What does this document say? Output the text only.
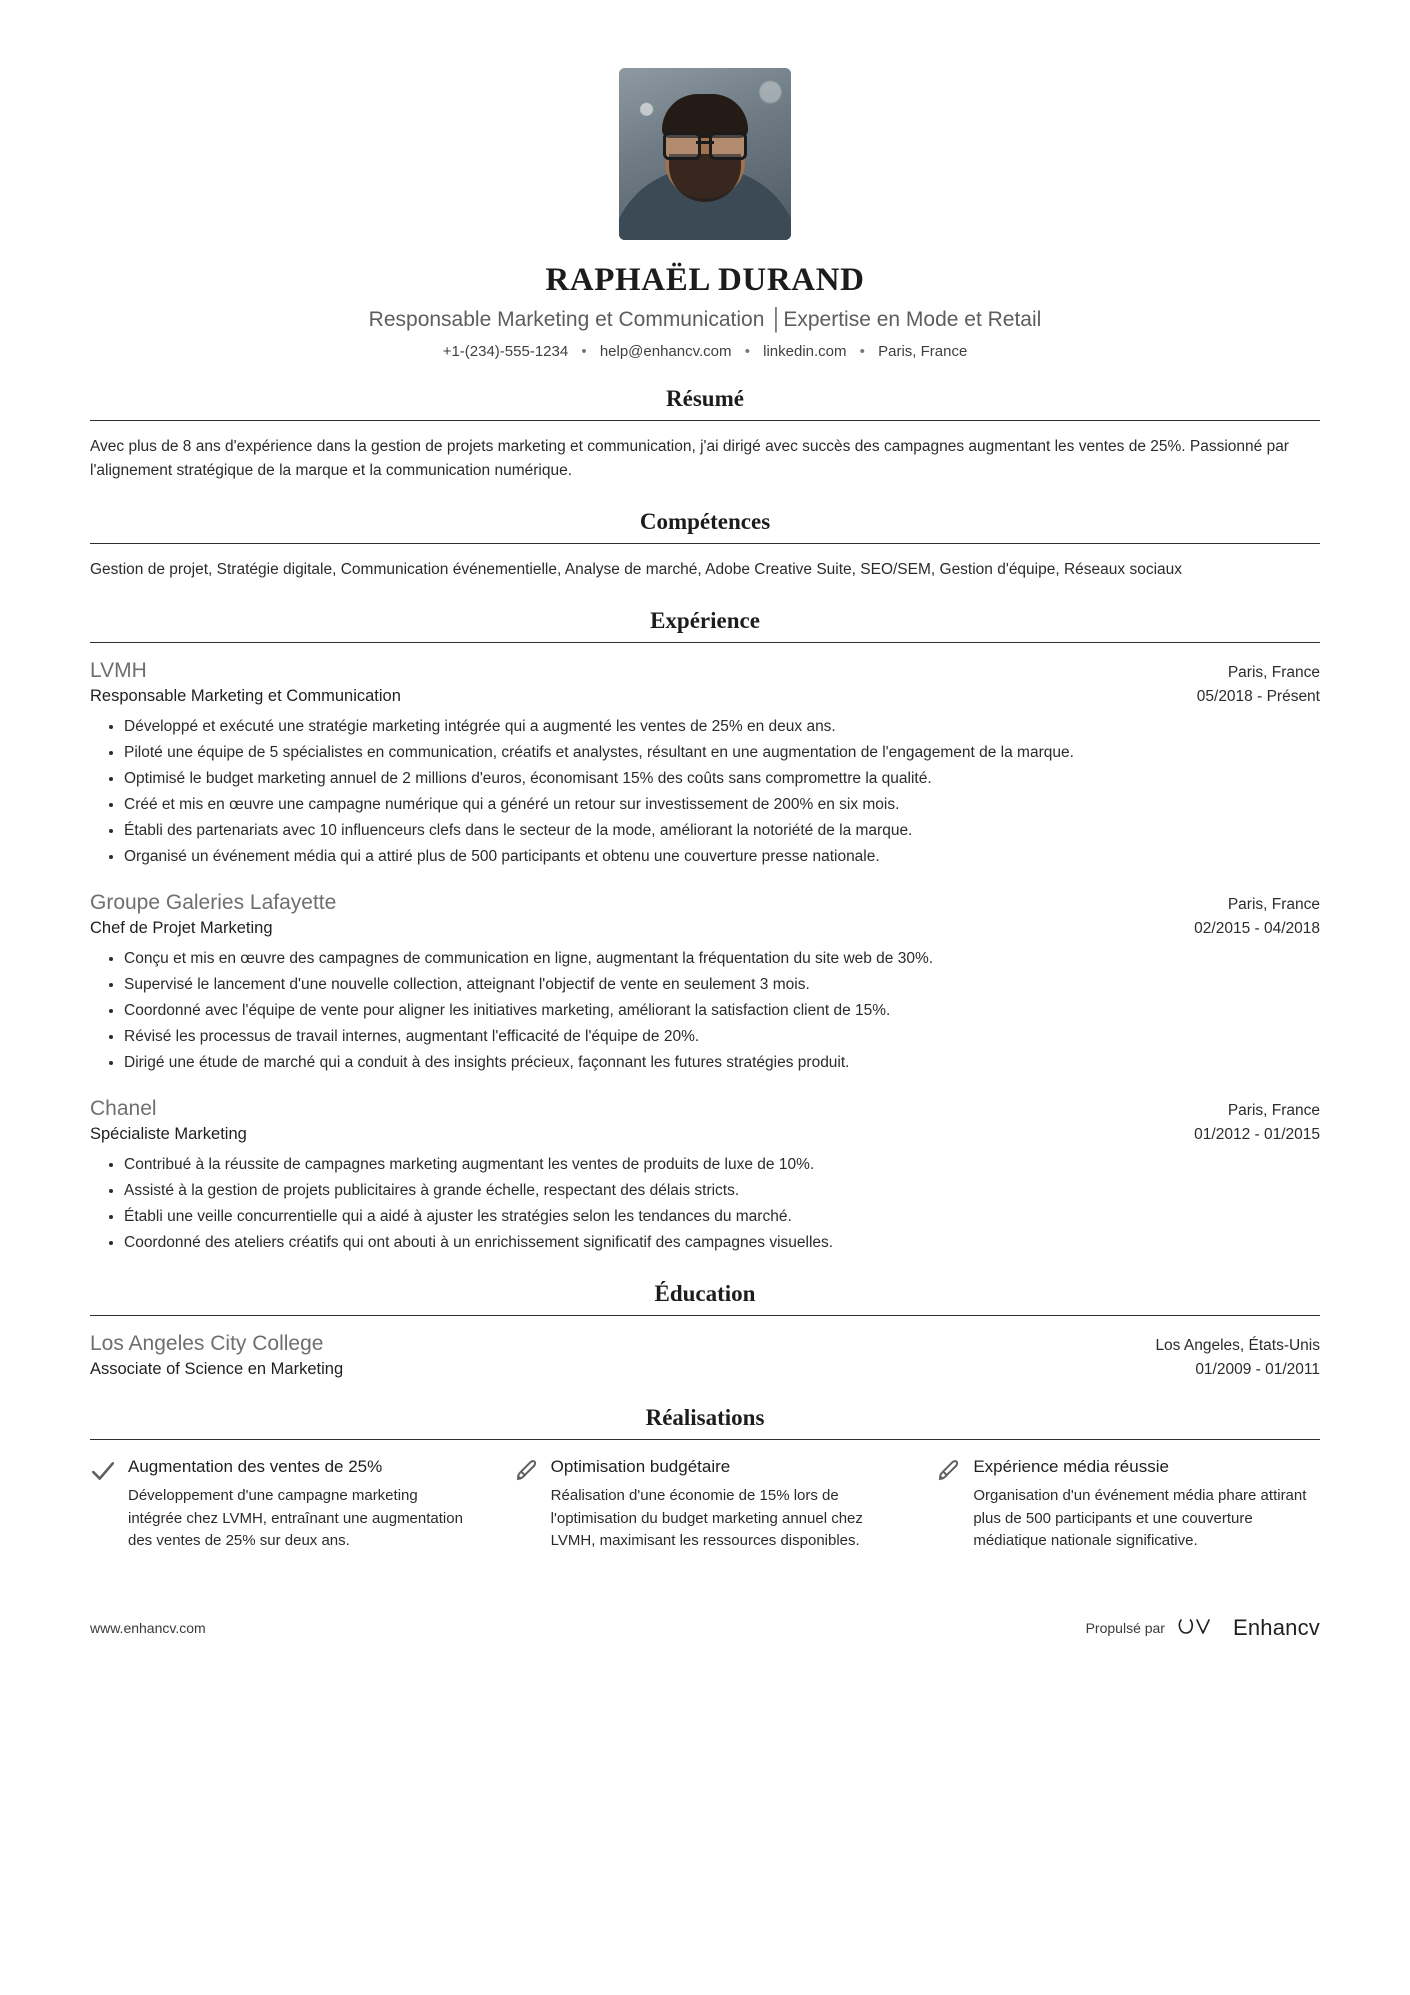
RAPHAËL DURAND
Responsable Marketing et Communication │Expertise en Mode et Retail
+1-(234)-555-1234 • help@enhancv.com • linkedin.com • Paris, France
Résumé

Avec plus de 8 ans d'expérience dans la gestion de projets marketing et communication, j'ai dirigé avec succès des campagnes augmentant les ventes de 25%. Passionné par l'alignement stratégique de la marque et la communication numérique.

Compétences

Gestion de projet, Stratégie digitale, Communication événementielle, Analyse de marché, Adobe Creative Suite, SEO/SEM, Gestion d'équipe, Réseaux sociaux

Expérience
LVMH	Paris, France
Responsable Marketing et Communication	05/2018 - Présent
• Développé et exécuté une stratégie marketing intégrée qui a augmenté les ventes de 25% en deux ans.
• Piloté une équipe de 5 spécialistes en communication, créatifs et analystes, résultant en une augmentation de l'engagement de la marque.
• Optimisé le budget marketing annuel de 2 millions d'euros, économisant 15% des coûts sans compromettre la qualité.
• Créé et mis en œuvre une campagne numérique qui a généré un retour sur investissement de 200% en six mois.
• Établi des partenariats avec 10 influenceurs clefs dans le secteur de la mode, améliorant la notoriété de la marque.
• Organisé un événement média qui a attiré plus de 500 participants et obtenu une couverture presse nationale.
Groupe Galeries Lafayette	Paris, France
Chef de Projet Marketing	02/2015 - 04/2018
• Conçu et mis en œuvre des campagnes de communication en ligne, augmentant la fréquentation du site web de 30%.
• Supervisé le lancement d'une nouvelle collection, atteignant l'objectif de vente en seulement 3 mois.
• Coordonné avec l'équipe de vente pour aligner les initiatives marketing, améliorant la satisfaction client de 15%.
• Révisé les processus de travail internes, augmentant l'efficacité de l'équipe de 20%.
• Dirigé une étude de marché qui a conduit à des insights précieux, façonnant les futures stratégies produit.
Chanel	Paris, France
Spécialiste Marketing	01/2012 - 01/2015
• Contribué à la réussite de campagnes marketing augmentant les ventes de produits de luxe de 10%.
• Assisté à la gestion de projets publicitaires à grande échelle, respectant des délais stricts.
• Établi une veille concurrentielle qui a aidé à ajuster les stratégies selon les tendances du marché.
• Coordonné des ateliers créatifs qui ont abouti à un enrichissement significatif des campagnes visuelles.
Éducation
Los Angeles City College	Los Angeles, États-Unis
Associate of Science en Marketing	01/2009 - 01/2011
Réalisations
Augmentation des ventes de 25%
Développement d'une campagne marketing intégrée chez LVMH, entraînant une augmentation des ventes de 25% sur deux ans.
Optimisation budgétaire
Réalisation d'une économie de 15% lors de l'optimisation du budget marketing annuel chez LVMH, maximisant les ressources disponibles.
Expérience média réussie
Organisation d'un événement média phare attirant plus de 500 participants et une couverture médiatique nationale significative.
www.enhancv.com	Propulsé par	Enhancv
